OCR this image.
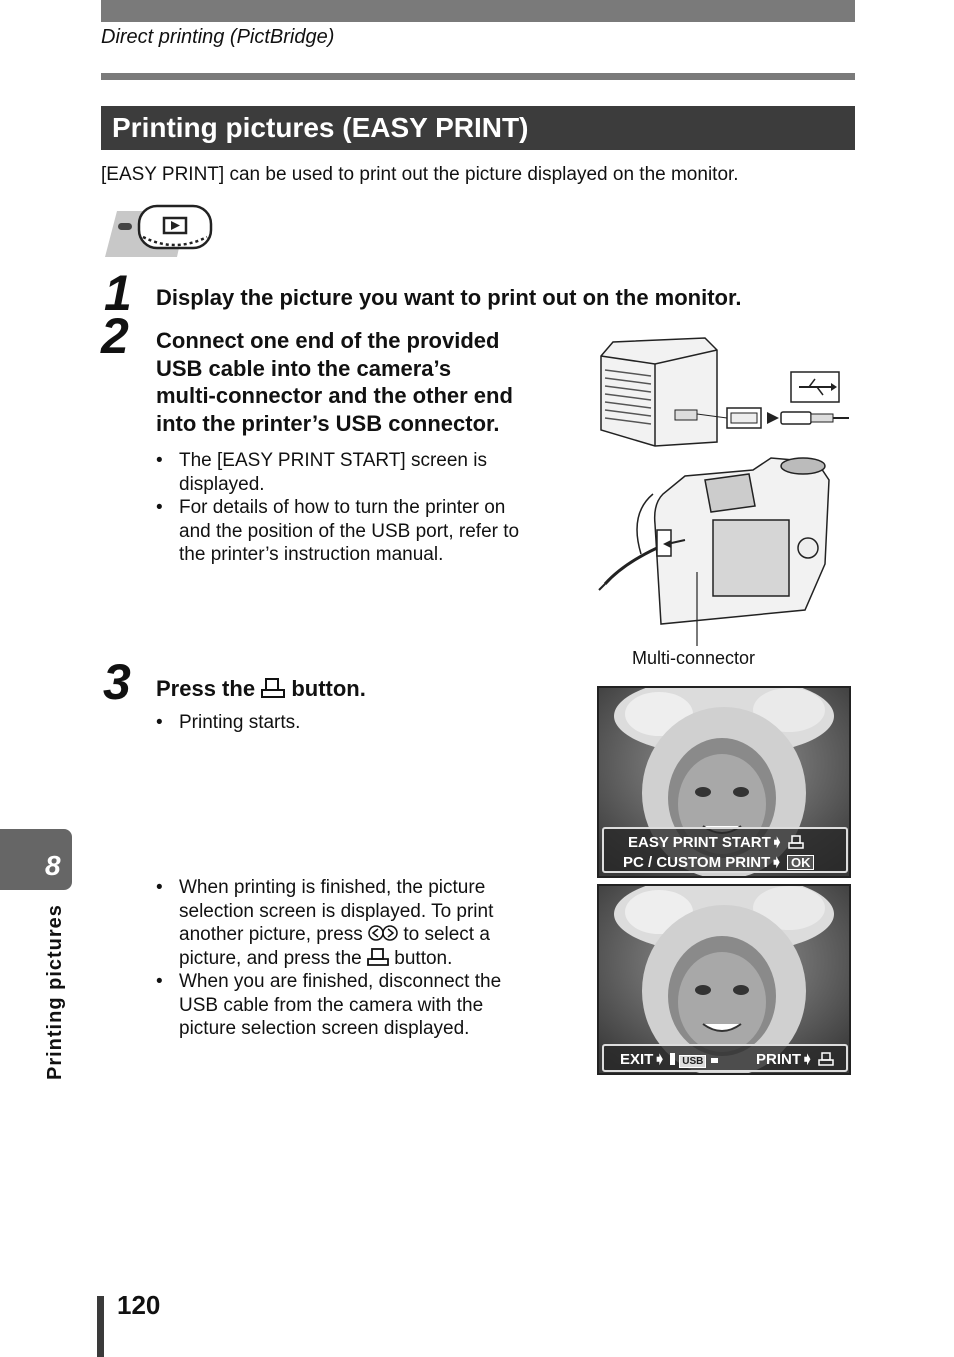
Direct printing (PictBridge)
Printing pictures (EASY PRINT)
[EASY PRINT] can be used to print out the picture displayed on the monitor.
1 Display the picture you want to print out on the monitor.
2 Connect one end of the provided
USB cable into the camera’s
multi-connector and the other end
into the printer’s USB connector.
• The [EASY PRINT START] screen is
displayed.
• For details of how to turn the printer on
and the position of the USB port, refer to
the printer’s instruction manual.
Multi-connector
3 Press the button.
• Printing starts.
• When printing is finished, the picture
selection screen is displayed. To print
another picture, press to select a
picture, and press the button.
• When you are finished, disconnect the
USB cable from the camera with the
picture selection screen displayed.
EASY PRINT START➧
PC / CUSTOM PRINT➧ OK
EXIT➧ USB	PRINT➧
8
Printing pictures
120
